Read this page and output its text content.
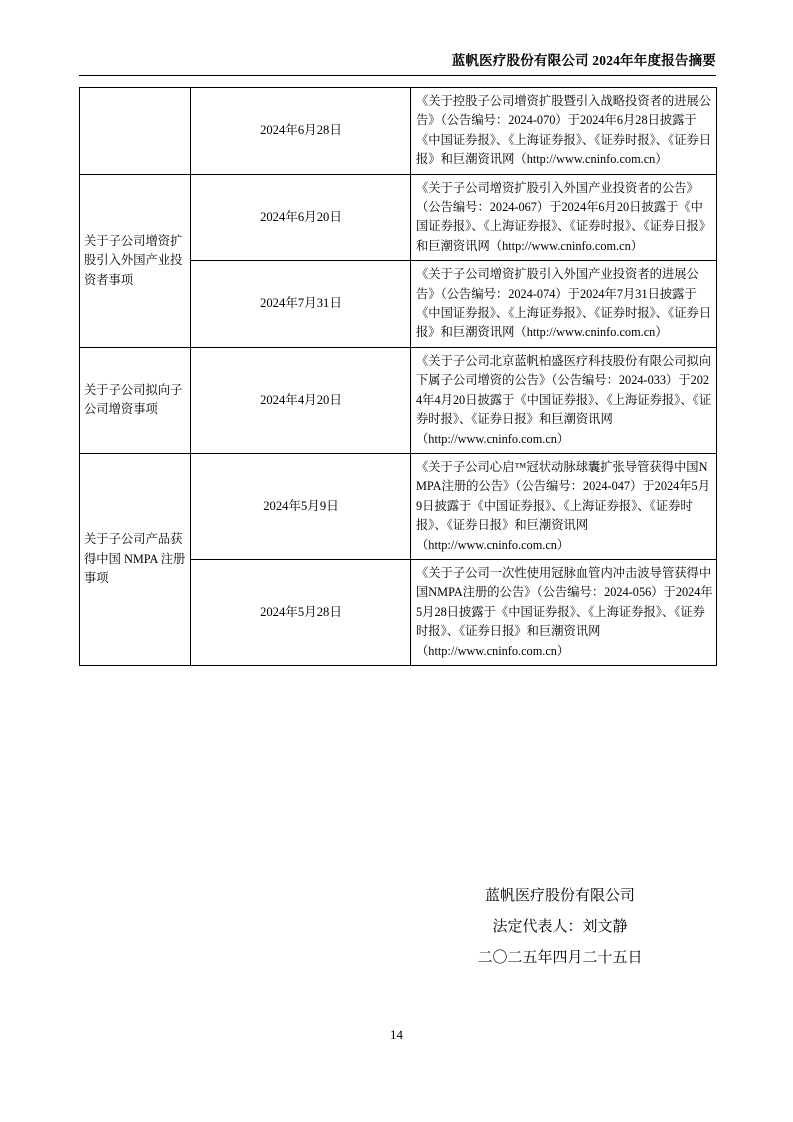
蓝帆医疗股份有限公司 2024年年度报告摘要
	2024年6月28日	《关于控股子公司增资扩股暨引入战略投资者的进展公告》（公告编号：2024-070）于2024年6月28日披露于《中国证券报》、《上海证券报》、《证券时报》、《证券日报》和巨潮资讯网（http://www.cninfo.com.cn）
关于子公司增资扩股引入外国产业投资者事项	2024年6月20日	《关于子公司增资扩股引入外国产业投资者的公告》（公告编号：2024-067）于2024年6月20日披露于《中国证券报》、《上海证券报》、《证券时报》、《证券日报》和巨潮资讯网（http://www.cninfo.com.cn）
	2024年7月31日	《关于子公司增资扩股引入外国产业投资者的进展公告》（公告编号：2024-074）于2024年7月31日披露于《中国证券报》、《上海证券报》、《证券时报》、《证券日报》和巨潮资讯网（http://www.cninfo.com.cn）
关于子公司拟向子公司增资事项	2024年4月20日	《关于子公司北京蓝帆柏盛医疗科技股份有限公司拟向下属子公司增资的公告》（公告编号：2024-033）于2024年4月20日披露于《中国证券报》、《上海证券报》、《证券时报》、《证券日报》和巨潮资讯网（http://www.cninfo.com.cn）
关于子公司产品获得中国 NMPA 注册事项	2024年5月9日	《关于子公司心启™冠状动脉球囊扩张导管获得中国NMPA注册的公告》（公告编号：2024-047）于2024年5月9日披露于《中国证券报》、《上海证券报》、《证券时报》、《证券日报》和巨潮资讯网（http://www.cninfo.com.cn）
	2024年5月28日	《关于子公司一次性使用冠脉血管内冲击波导管获得中国NMPA注册的公告》（公告编号：2024-056）于2024年5月28日披露于《中国证券报》、《上海证券报》、《证券时报》、《证券日报》和巨潮资讯网（http://www.cninfo.com.cn）
蓝帆医疗股份有限公司
法定代表人：刘文静
二〇二五年四月二十五日
14
